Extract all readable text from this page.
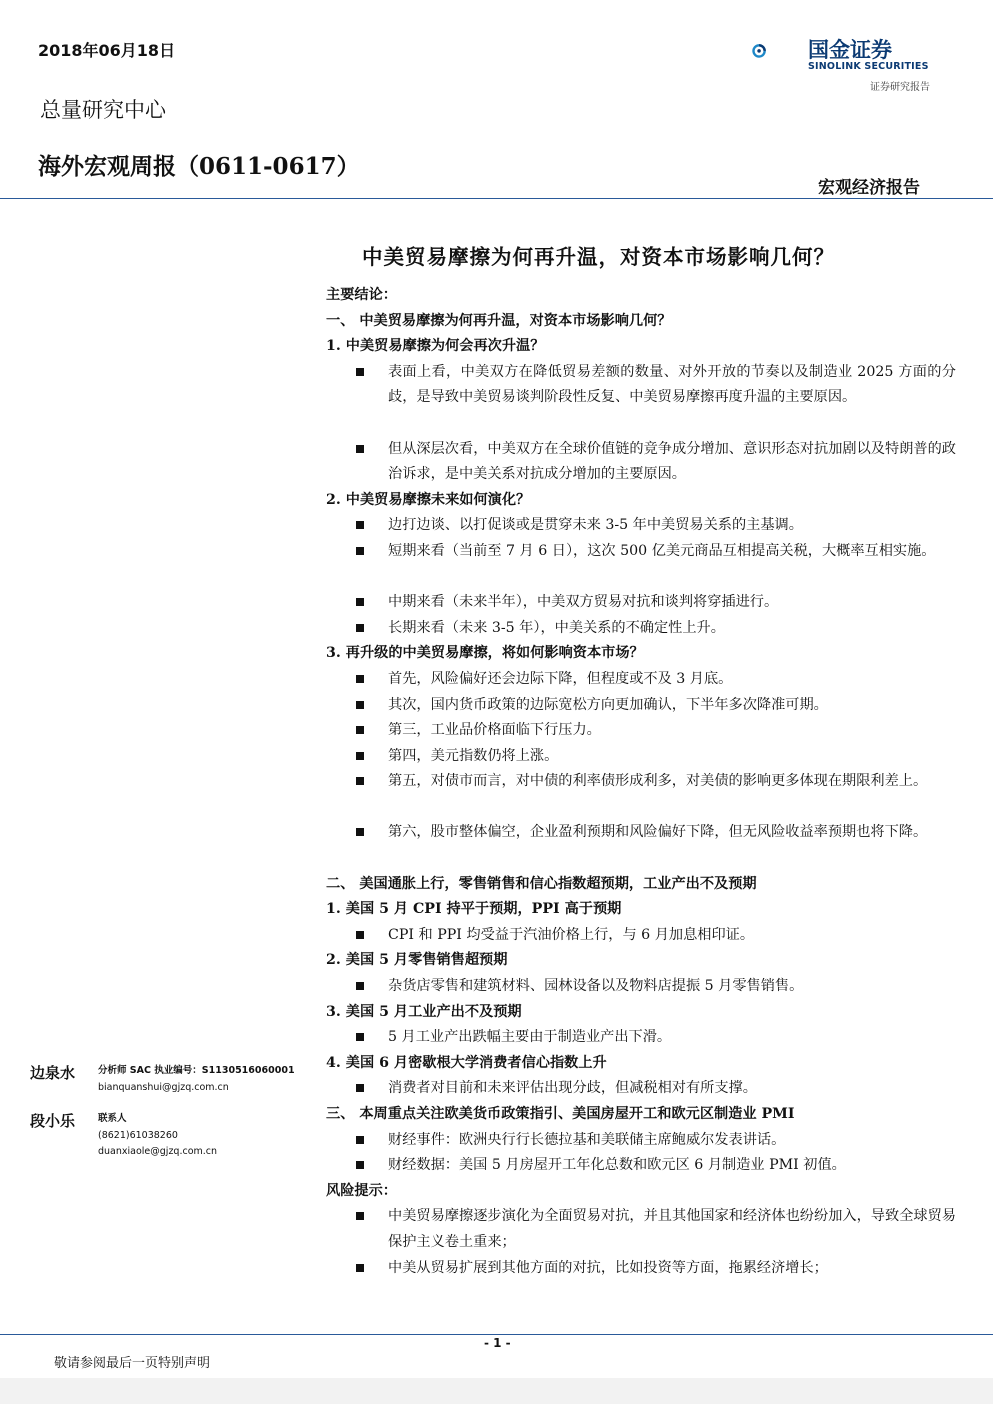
2018年06月18日
总量研究中心
海外宏观周报（0611-0617）
国金证券
SINOLINK SECURITIES
证券研究报告
宏观经济报告
中美贸易摩擦为何再升温，对资本市场影响几何？
主要结论：
一、 中美贸易摩擦为何再升温，对资本市场影响几何？
1. 中美贸易摩擦为何会再次升温？
表面上看，中美双方在降低贸易差额的数量、对外开放的节奏以及制造业 2025 方面的分歧，是导致中美贸易谈判阶段性反复、中美贸易摩擦再度升温的主要原因。
但从深层次看，中美双方在全球价值链的竞争成分增加、意识形态对抗加剧以及特朗普的政治诉求，是中美关系对抗成分增加的主要原因。
2. 中美贸易摩擦未来如何演化？
边打边谈、以打促谈或是贯穿未来 3-5 年中美贸易关系的主基调。
短期来看（当前至 7 月 6 日），这次 500 亿美元商品互相提高关税，大概率互相实施。
中期来看（未来半年），中美双方贸易对抗和谈判将穿插进行。
长期来看（未来 3-5 年），中美关系的不确定性上升。
3. 再升级的中美贸易摩擦，将如何影响资本市场？
首先，风险偏好还会边际下降，但程度或不及 3 月底。
其次，国内货币政策的边际宽松方向更加确认，下半年多次降准可期。
第三，工业品价格面临下行压力。
第四，美元指数仍将上涨。
第五，对债市而言，对中债的利率债形成利多，对美债的影响更多体现在期限利差上。
第六，股市整体偏空，企业盈利预期和风险偏好下降，但无风险收益率预期也将下降。
二、 美国通胀上行，零售销售和信心指数超预期，工业产出不及预期
1. 美国 5 月 CPI 持平于预期，PPI 高于预期
CPI 和 PPI 均受益于汽油价格上行，与 6 月加息相印证。
2. 美国 5 月零售销售超预期
杂货店零售和建筑材料、园林设备以及物料店提振 5 月零售销售。
3. 美国 5 月工业产出不及预期
5 月工业产出跌幅主要由于制造业产出下滑。
4. 美国 6 月密歇根大学消费者信心指数上升
消费者对目前和未来评估出现分歧，但减税相对有所支撑。
三、 本周重点关注欧美货币政策指引、美国房屋开工和欧元区制造业 PMI
财经事件：欧洲央行行长德拉基和美联储主席鲍威尔发表讲话。
财经数据：美国 5 月房屋开工年化总数和欧元区 6 月制造业 PMI 初值。
风险提示：
中美贸易摩擦逐步演化为全面贸易对抗，并且其他国家和经济体也纷纷加入，导致全球贸易保护主义卷土重来；
中美从贸易扩展到其他方面的对抗，比如投资等方面，拖累经济增长；
边泉水	分析师 SAC 执业编号：S1130516060001
bianquanshui@gjzq.com.cn
段小乐	联系人
(8621)61038260
duanxiaole@gjzq.com.cn
- 1 -
敬请参阅最后一页特别声明
